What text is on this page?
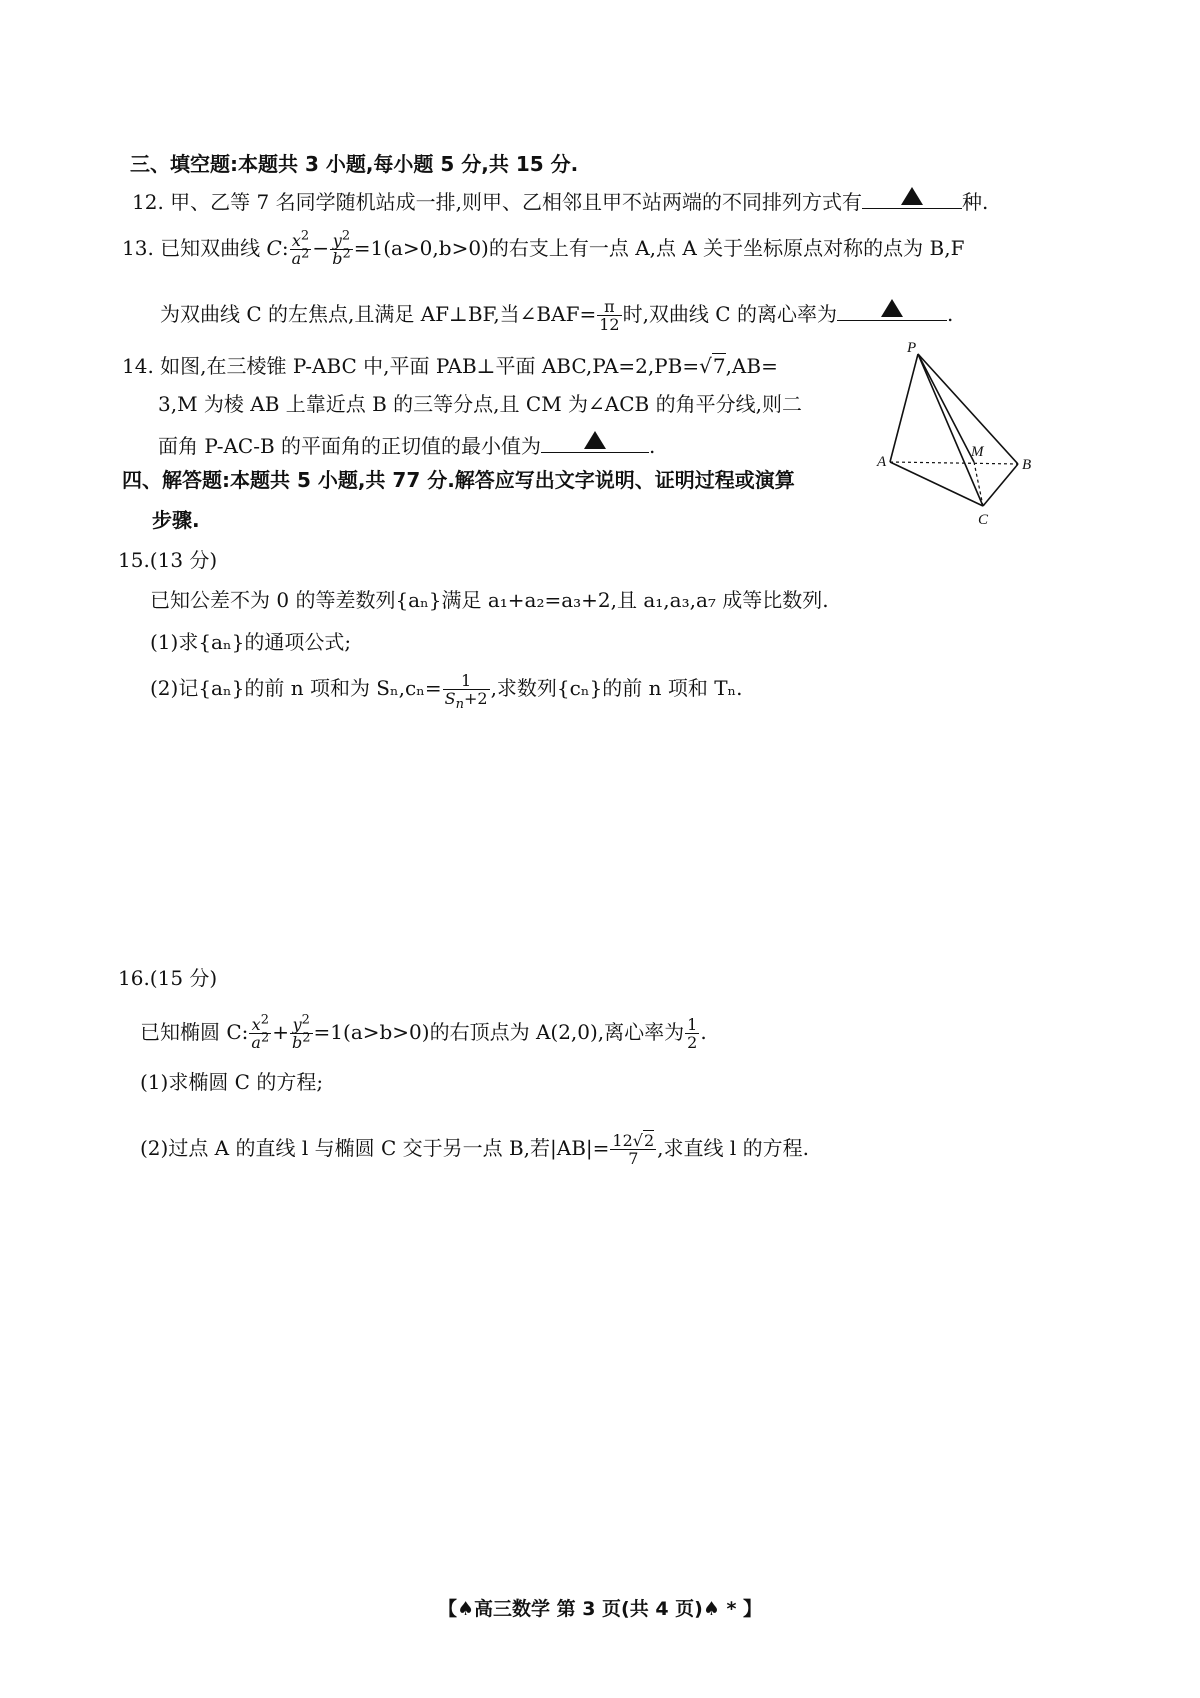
三、填空题:本题共 3 小题,每小题 5 分,共 15 分.
12. 甲、乙等 7 名同学随机站成一排,则甲、乙相邻且甲不站两端的不同排列方式有	种.
13. 已知双曲线 C: $\frac{x^2}{a^2} - \frac{y^2}{b^2} =1(a>0,b>0)$的右支上有一点 A,点 A 关于坐标原点对称的点为 B,F
为双曲线 C 的左焦点,且满足 AF⊥BF,当∠BAF= $\frac{\pi}{12}$ 时,双曲线 C 的离心率为	.
14. 如图,在三棱锥 P-ABC 中,平面 PAB⊥平面 ABC,PA=2,PB=√7,AB=
3,M 为棱 AB 上靠近点 B 的三等分点,且 CM 为∠ACB 的角平分线,则二
面角 P-AC-B 的平面角的正切值的最小值为	.
P
A
M
B
C
四、解答题:本题共 5 小题,共 77 分.解答应写出文字说明、证明过程或演算
步骤.
15.(13 分)
已知公差不为 0 的等差数列{aₙ}满足 a₁+a₂=a₃+2,且 a₁,a₃,a₇ 成等比数列.
(1)求{aₙ}的通项公式;
(2)记{aₙ}的前 n 项和为 $S_n,c_n= \frac{1}{S_n+2}$ ,求数列{cₙ}的前 n 项和 Tₙ.
16.(15 分)
已知椭圆 C: $\frac{x^2}{a^2} + \frac{y^2}{b^2} =1(a>b>0)$的右顶点为 A(2,0),离心率为 $\frac{1}{2}$ .
(1)求椭圆 C 的方程;
(2)过点 A 的直线 l 与椭圆 C 交于另一点 B,若$|AB|= \frac{12√2}{7}$ ,求直线 l 的方程.
【♠高三数学 第 3 页(共 4 页)♠ * 】
